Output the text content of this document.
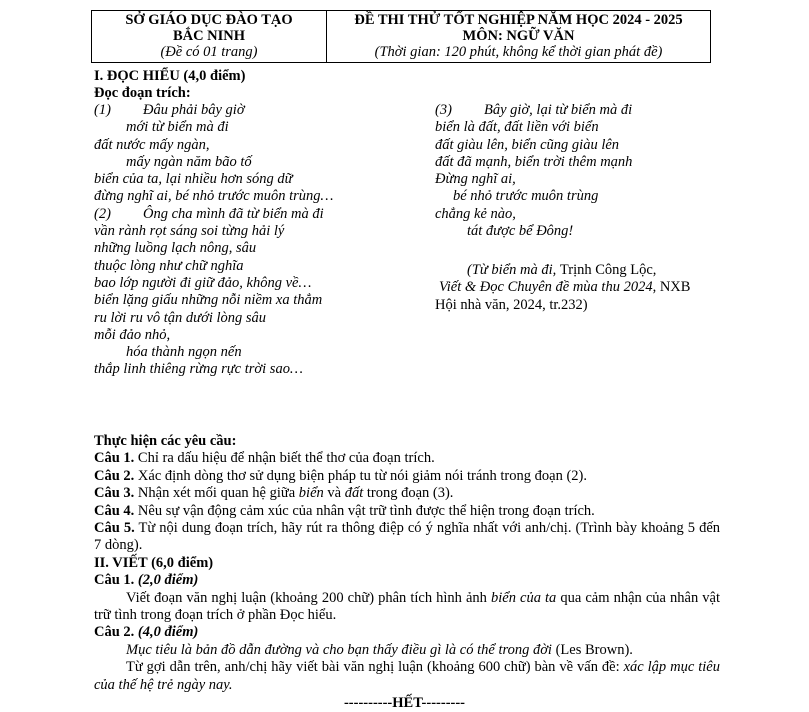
SỞ GIÁO DỤC ĐÀO TẠO
BẮC NINH
(Đề có 01 trang)

ĐỀ THI THỬ TỐT NGHIỆP NĂM HỌC 2024 - 2025
MÔN: NGỮ VĂN
(Thời gian: 120 phút, không kể thời gian phát đề)
I. ĐỌC HIỂU (4,0 điểm)
Đọc đoạn trích:
(1) Đâu phải bây giờ
mới từ biển mà đi
đất nước mấy ngàn,
mấy ngàn năm bão tố
biển của ta, lại nhiều hơn sóng dữ
đừng nghĩ ai, bé nhỏ trước muôn trùng…
(2) Ông cha mình đã từ biển mà đi
vần rành rọt sáng soi từng hải lý
những luồng lạch nông, sâu
thuộc lòng như chữ nghĩa
bao lớp người đi giữ đảo, không về…
biển lặng giấu những nỗi niềm xa thẳm
ru lời ru vô tận dưới lòng sâu
mỗi đảo nhỏ,
hóa thành ngọn nến
thắp linh thiêng rừng rực trời sao…
(3) Bây giờ, lại từ biển mà đi
biển là đất, đất liền với biển
đất giàu lên, biển cũng giàu lên
đất đã mạnh, biển trời thêm mạnh
Đừng nghĩ ai,
bé nhỏ trước muôn trùng
chẳng kẻ nào,
tát được bể Đông!
(Từ biển mà đi, Trịnh Công Lộc,
Viết & Đọc Chuyên đề mùa thu 2024, NXB
Hội nhà văn, 2024, tr.232)

Thực hiện các yêu cầu:

Câu 1. Chỉ ra dấu hiệu để nhận biết thể thơ của đoạn trích.

Câu 2. Xác định dòng thơ sử dụng biện pháp tu từ nói giảm nói tránh trong đoạn (2).

Câu 3. Nhận xét mối quan hệ giữa biển và đất trong đoạn (3).

Câu 4. Nêu sự vận động cảm xúc của nhân vật trữ tình được thể hiện trong đoạn trích.

Câu 5. Từ nội dung đoạn trích, hãy rút ra thông điệp có ý nghĩa nhất với anh/chị. (Trình bày khoảng 5 đến 7 dòng).

II. VIẾT (6,0 điểm)

Câu 1. (2,0 điểm)

Viết đoạn văn nghị luận (khoảng 200 chữ) phân tích hình ảnh biển của ta qua cảm nhận của nhân vật trữ tình trong đoạn trích ở phần Đọc hiểu.

Câu 2. (4,0 điểm)

Mục tiêu là bản đồ dẫn đường và cho bạn thấy điều gì là có thể trong đời (Les Brown).

Từ gợi dẫn trên, anh/chị hãy viết bài văn nghị luận (khoảng 600 chữ) bàn về vấn đề: xác lập mục tiêu của thế hệ trẻ ngày nay.

----------HẾT---------
